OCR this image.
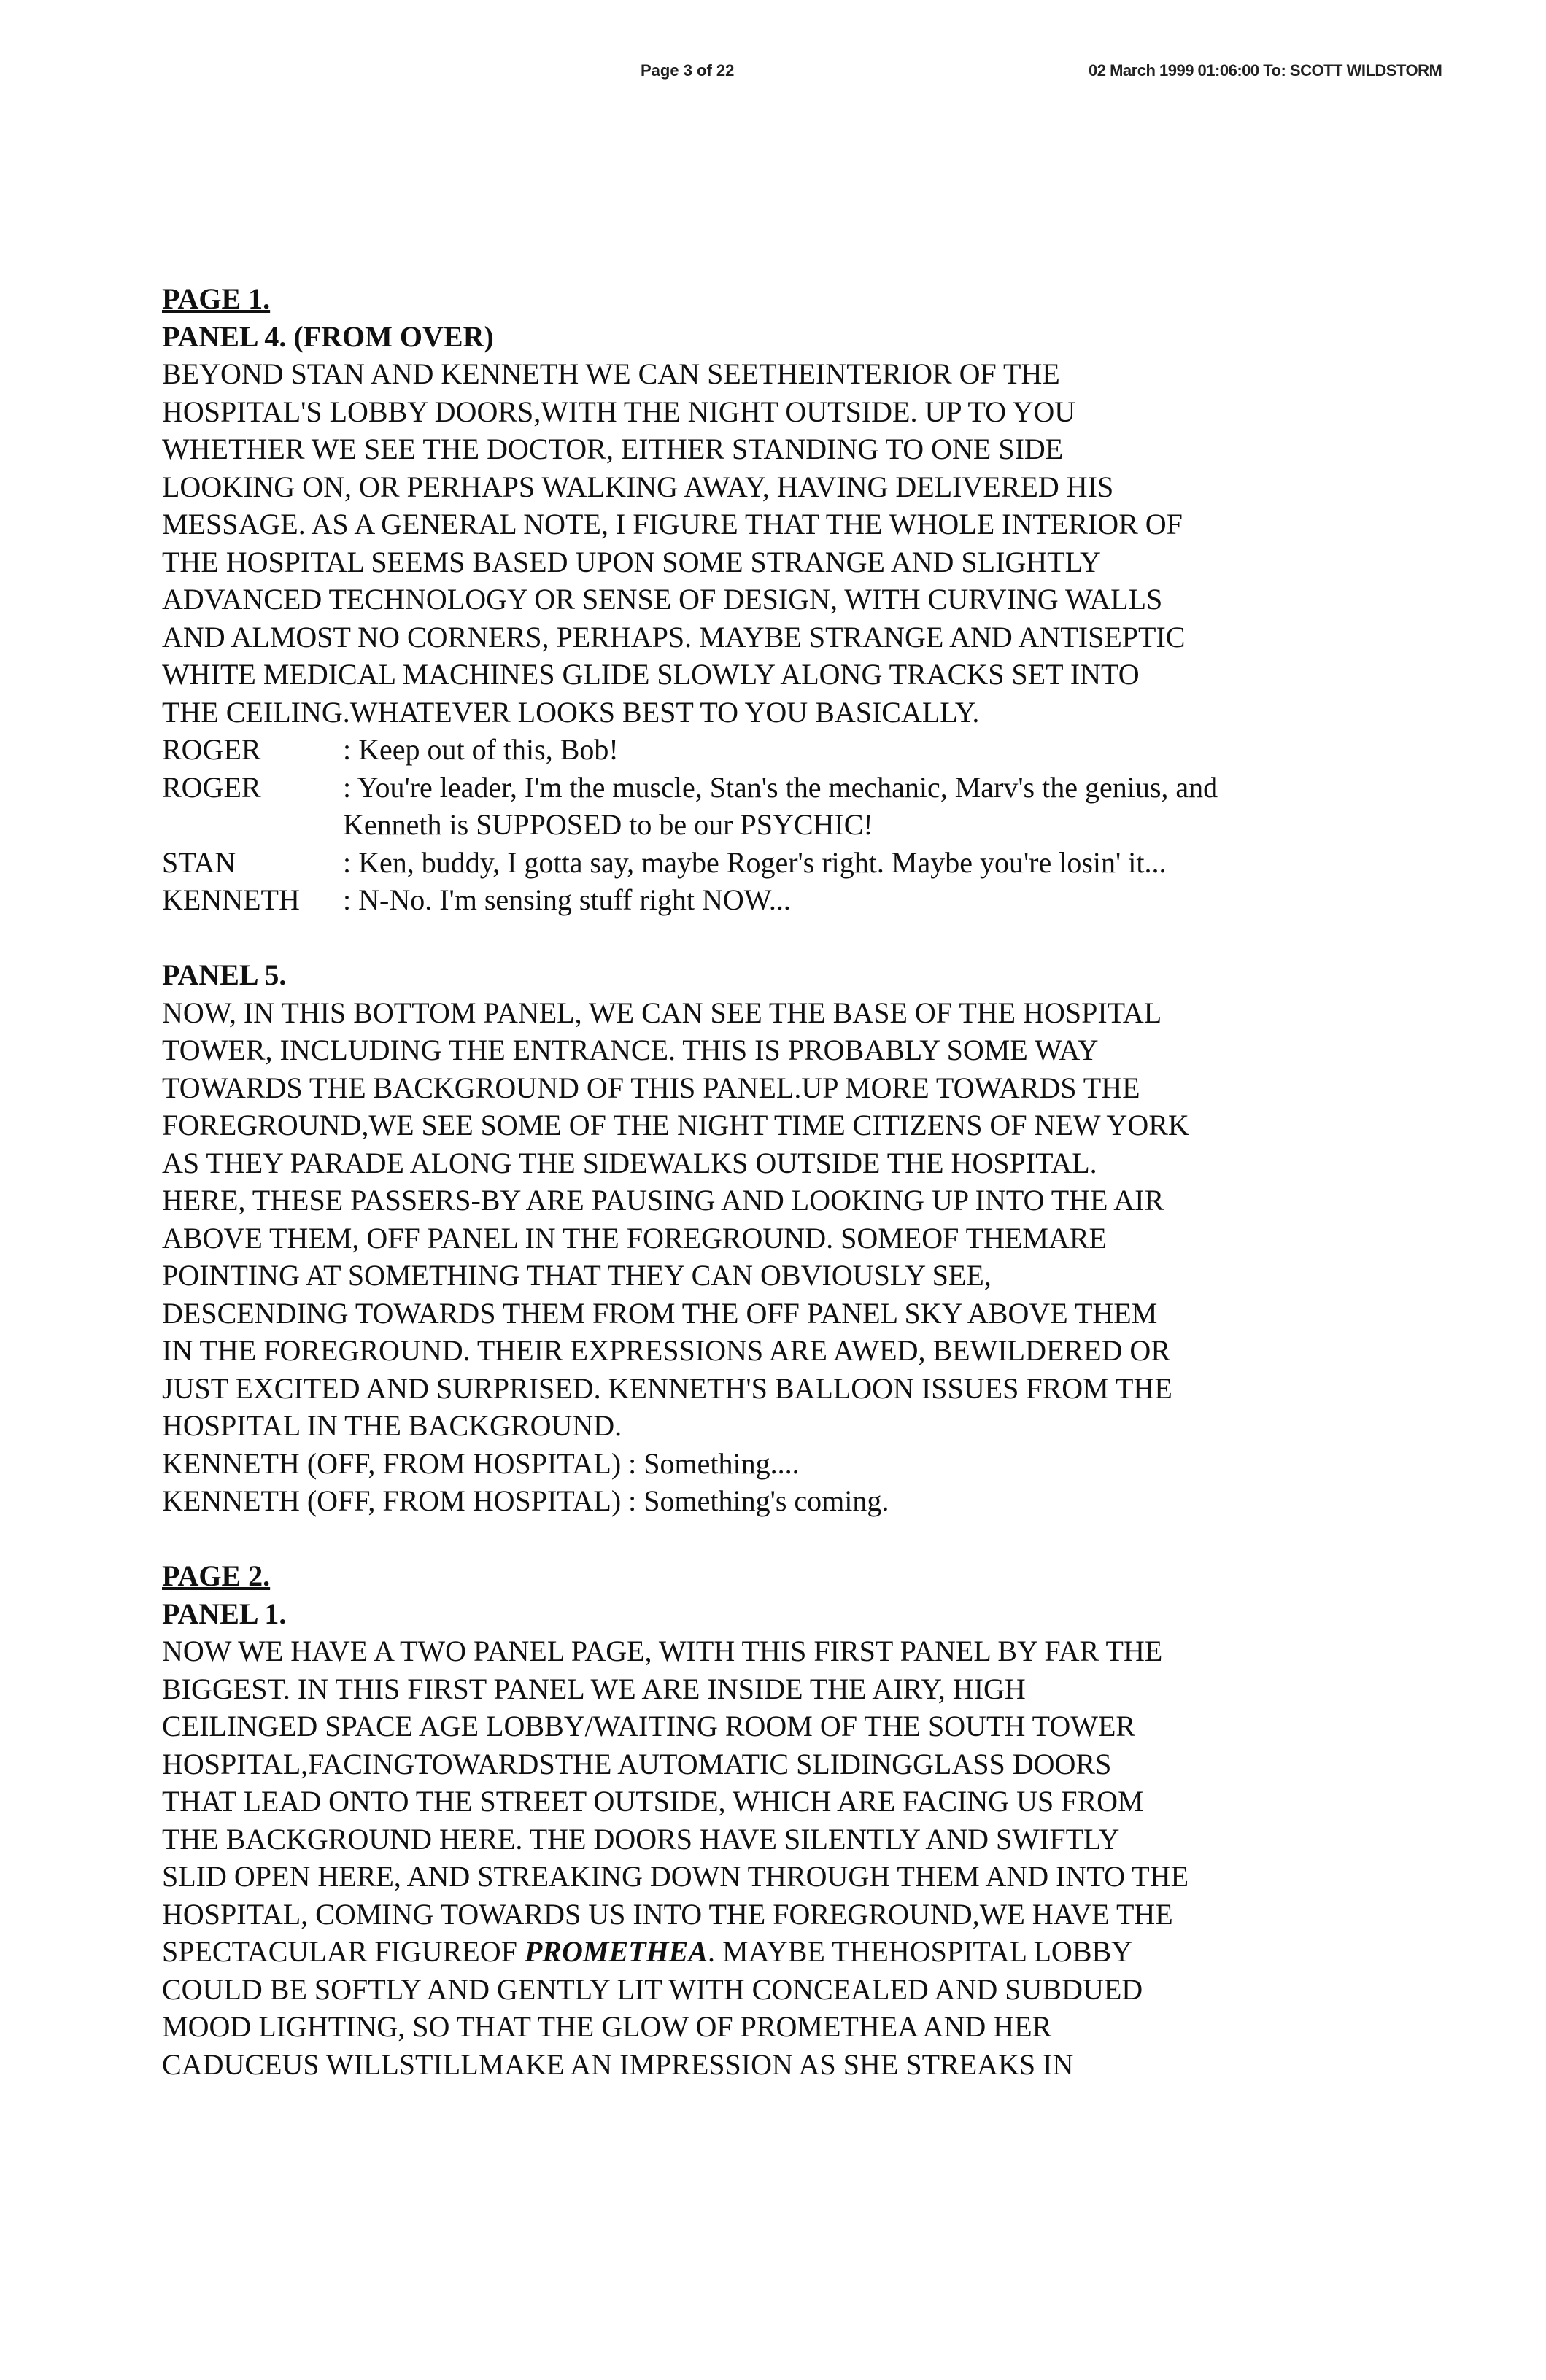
Page 3 of 22	02 March 1999 01:06:00 To: SCOTT WILDSTORM
PAGE 1.
PANEL 4. (FROM OVER)
BEYOND STAN AND KENNETH WE CAN SEETHEINTERIOR OF THE
HOSPITAL'S LOBBY DOORS,WITH THE NIGHT OUTSIDE. UP TO YOU
WHETHER WE SEE THE DOCTOR, EITHER STANDING TO ONE SIDE
LOOKING ON, OR PERHAPS WALKING AWAY, HAVING DELIVERED HIS
MESSAGE. AS A GENERAL NOTE, I FIGURE THAT THE WHOLE INTERIOR OF
THE HOSPITAL SEEMS BASED UPON SOME STRANGE AND SLIGHTLY
ADVANCED TECHNOLOGY OR SENSE OF DESIGN, WITH CURVING WALLS
AND ALMOST NO CORNERS, PERHAPS. MAYBE STRANGE AND ANTISEPTIC
WHITE MEDICAL MACHINES GLIDE SLOWLY ALONG TRACKS SET INTO
THE CEILING.WHATEVER LOOKS BEST TO YOU BASICALLY.
ROGER	: Keep out of this, Bob!
ROGER	: You're leader, I'm the muscle, Stan's the mechanic, Marv's the genius, and
Kenneth is SUPPOSED to be our PSYCHIC!
STAN	: Ken, buddy, I gotta say, maybe Roger's right. Maybe you're losin' it...
KENNETH	: N-No. I'm sensing stuff right NOW...
PANEL 5.
NOW, IN THIS BOTTOM PANEL, WE CAN SEE THE BASE OF THE HOSPITAL
TOWER, INCLUDING THE ENTRANCE. THIS IS PROBABLY SOME WAY
TOWARDS THE BACKGROUND OF THIS PANEL.UP MORE TOWARDS THE
FOREGROUND,WE SEE SOME OF THE NIGHT TIME CITIZENS OF NEW YORK
AS THEY PARADE ALONG THE SIDEWALKS OUTSIDE THE HOSPITAL.
HERE, THESE PASSERS-BY ARE PAUSING AND LOOKING UP INTO THE AIR
ABOVE THEM, OFF PANEL IN THE FOREGROUND. SOMEOF THEMARE
POINTING AT SOMETHING THAT THEY CAN OBVIOUSLY SEE,
DESCENDING TOWARDS THEM FROM THE OFF PANEL SKY ABOVE THEM
IN THE FOREGROUND. THEIR EXPRESSIONS ARE AWED, BEWILDERED OR
JUST EXCITED AND SURPRISED. KENNETH'S BALLOON ISSUES FROM THE
HOSPITAL IN THE BACKGROUND.
KENNETH (OFF, FROM HOSPITAL) : Something....
KENNETH (OFF, FROM HOSPITAL) : Something's coming.
PAGE 2.
PANEL 1.
NOW WE HAVE A TWO PANEL PAGE, WITH THIS FIRST PANEL BY FAR THE
BIGGEST. IN THIS FIRST PANEL WE ARE INSIDE THE AIRY, HIGH
CEILINGED SPACE AGE LOBBY/WAITING ROOM OF THE SOUTH TOWER
HOSPITAL,FACINGTOWARDSTHE AUTOMATIC SLIDINGGLASS DOORS
THAT LEAD ONTO THE STREET OUTSIDE, WHICH ARE FACING US FROM
THE BACKGROUND HERE. THE DOORS HAVE SILENTLY AND SWIFTLY
SLID OPEN HERE, AND STREAKING DOWN THROUGH THEM AND INTO THE
HOSPITAL, COMING TOWARDS US INTO THE FOREGROUND,WE HAVE THE
SPECTACULAR FIGUREOF PROMETHEA. MAYBE THEHOSPITAL LOBBY
COULD BE SOFTLY AND GENTLY LIT WITH CONCEALED AND SUBDUED
MOOD LIGHTING, SO THAT THE GLOW OF PROMETHEA AND HER
CADUCEUS WILLSTILLMAKE AN IMPRESSION AS SHE STREAKS IN
